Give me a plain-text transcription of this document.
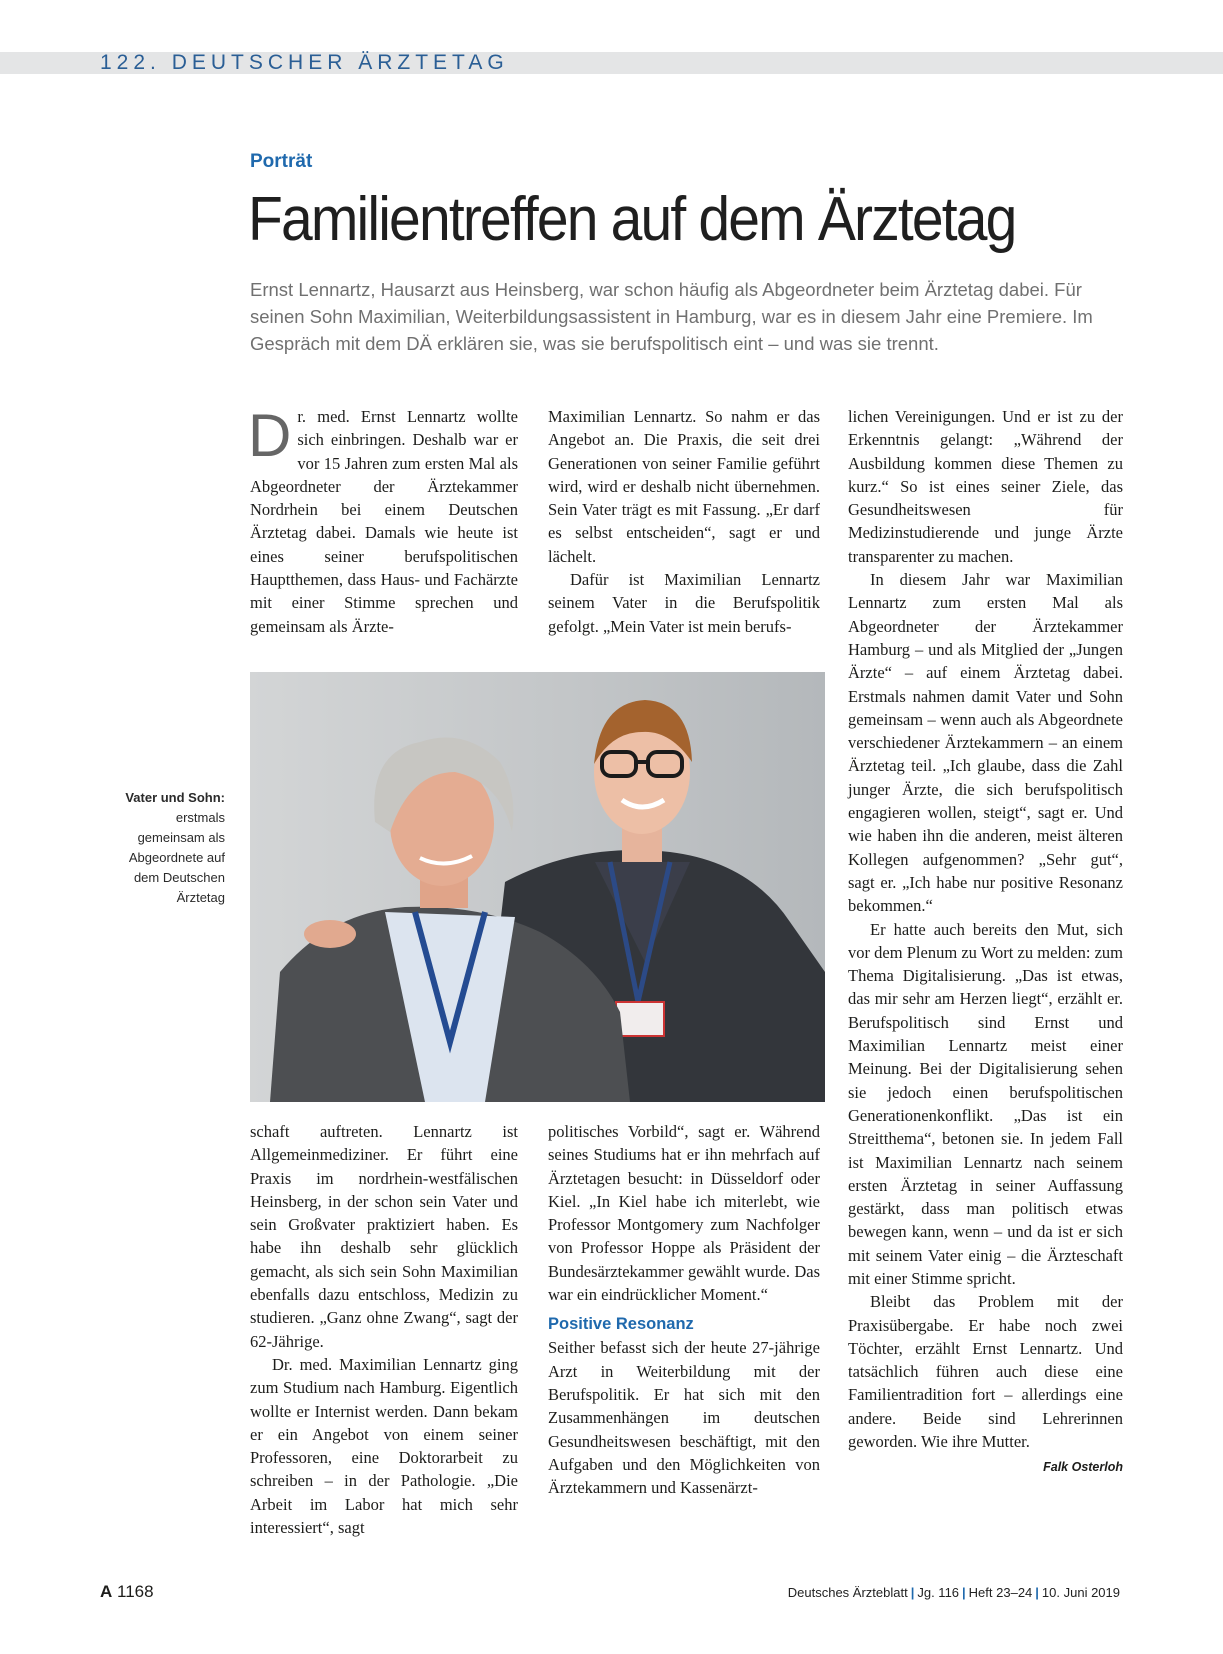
122. DEUTSCHER ÄRZTETAG
Porträt
Familientreffen auf dem Ärztetag

Ernst Lennartz, Hausarzt aus Heinsberg, war schon häufig als Abgeordneter beim Ärztetag dabei. Für seinen Sohn Maximilian, Weiterbildungsassistent in Hamburg, war es in diesem Jahr eine Premiere. Im Gespräch mit dem DÄ erklären sie, was sie berufspolitisch eint – und was sie trennt.

Dr. med. Ernst Lennartz wollte sich einbringen. Deshalb war er vor 15 Jahren zum ersten Mal als Abgeordneter der Ärztekammer Nordrhein bei einem Deutschen Ärztetag dabei. Damals wie heute ist eines seiner berufspolitischen Hauptthemen, dass Haus- und Fachärzte mit einer Stimme sprechen und gemeinsam als Ärzte-

Maximilian Lennartz. So nahm er das Angebot an. Die Praxis, die seit drei Generationen von seiner Familie geführt wird, wird er deshalb nicht übernehmen. Sein Vater trägt es mit Fassung. „Er darf es selbst entscheiden“, sagt er und lächelt.

Dafür ist Maximilian Lennartz seinem Vater in die Berufspolitik gefolgt. „Mein Vater ist mein berufs-

Vater und Sohn:
erstmals gemeinsam als Abgeordnete auf dem Deutschen Ärztetag

schaft auftreten. Lennartz ist Allgemeinmediziner. Er führt eine Praxis im nordrhein-westfälischen Heinsberg, in der schon sein Vater und sein Großvater praktiziert haben. Es habe ihn deshalb sehr glücklich gemacht, als sich sein Sohn Maximilian ebenfalls dazu entschloss, Medizin zu studieren. „Ganz ohne Zwang“, sagt der 62-Jährige.

Dr. med. Maximilian Lennartz ging zum Studium nach Hamburg. Eigentlich wollte er Internist werden. Dann bekam er ein Angebot von einem seiner Professoren, eine Doktorarbeit zu schreiben – in der Pathologie. „Die Arbeit im Labor hat mich sehr interessiert“, sagt

politisches Vorbild“, sagt er. Während seines Studiums hat er ihn mehrfach auf Ärztetagen besucht: in Düsseldorf oder Kiel. „In Kiel habe ich miterlebt, wie Professor Montgomery zum Nachfolger von Professor Hoppe als Präsident der Bundesärztekammer gewählt wurde. Das war ein eindrücklicher Moment.“

Positive Resonanz

Seither befasst sich der heute 27-jährige Arzt in Weiterbildung mit der Berufspolitik. Er hat sich mit den Zusammenhängen im deutschen Gesundheitswesen beschäftigt, mit den Aufgaben und den Möglichkeiten von Ärztekammern und Kassenärzt-

lichen Vereinigungen. Und er ist zu der Erkenntnis gelangt: „Während der Ausbildung kommen diese Themen zu kurz.“ So ist eines seiner Ziele, das Gesundheitswesen für Medizinstudierende und junge Ärzte transparenter zu machen.

In diesem Jahr war Maximilian Lennartz zum ersten Mal als Abgeordneter der Ärztekammer Hamburg – und als Mitglied der „Jungen Ärzte“ – auf einem Ärztetag dabei. Erstmals nahmen damit Vater und Sohn gemeinsam – wenn auch als Abgeordnete verschiedener Ärztekammern – an einem Ärztetag teil. „Ich glaube, dass die Zahl junger Ärzte, die sich berufspolitisch engagieren wollen, steigt“, sagt er. Und wie haben ihn die anderen, meist älteren Kollegen aufgenommen? „Sehr gut“, sagt er. „Ich habe nur positive Resonanz bekommen.“

Er hatte auch bereits den Mut, sich vor dem Plenum zu Wort zu melden: zum Thema Digitalisierung. „Das ist etwas, das mir sehr am Herzen liegt“, erzählt er. Berufspolitisch sind Ernst und Maximilian Lennartz meist einer Meinung. Bei der Digitalisierung sehen sie jedoch einen berufspolitischen Generationenkonflikt. „Das ist ein Streitthema“, betonen sie. In jedem Fall ist Maximilian Lennartz nach seinem ersten Ärztetag in seiner Auffassung gestärkt, dass man politisch etwas bewegen kann, wenn – und da ist er sich mit seinem Vater einig – die Ärzteschaft mit einer Stimme spricht.

Bleibt das Problem mit der Praxisübergabe. Er habe noch zwei Töchter, erzählt Ernst Lennartz. Und tatsächlich führen auch diese eine Familientradition fort – allerdings eine andere. Beide sind Lehrerinnen geworden. Wie ihre Mutter.
Falk Osterloh

A 1168	Deutsches Ärzteblatt | Jg. 116 | Heft 23–24 | 10. Juni 2019
